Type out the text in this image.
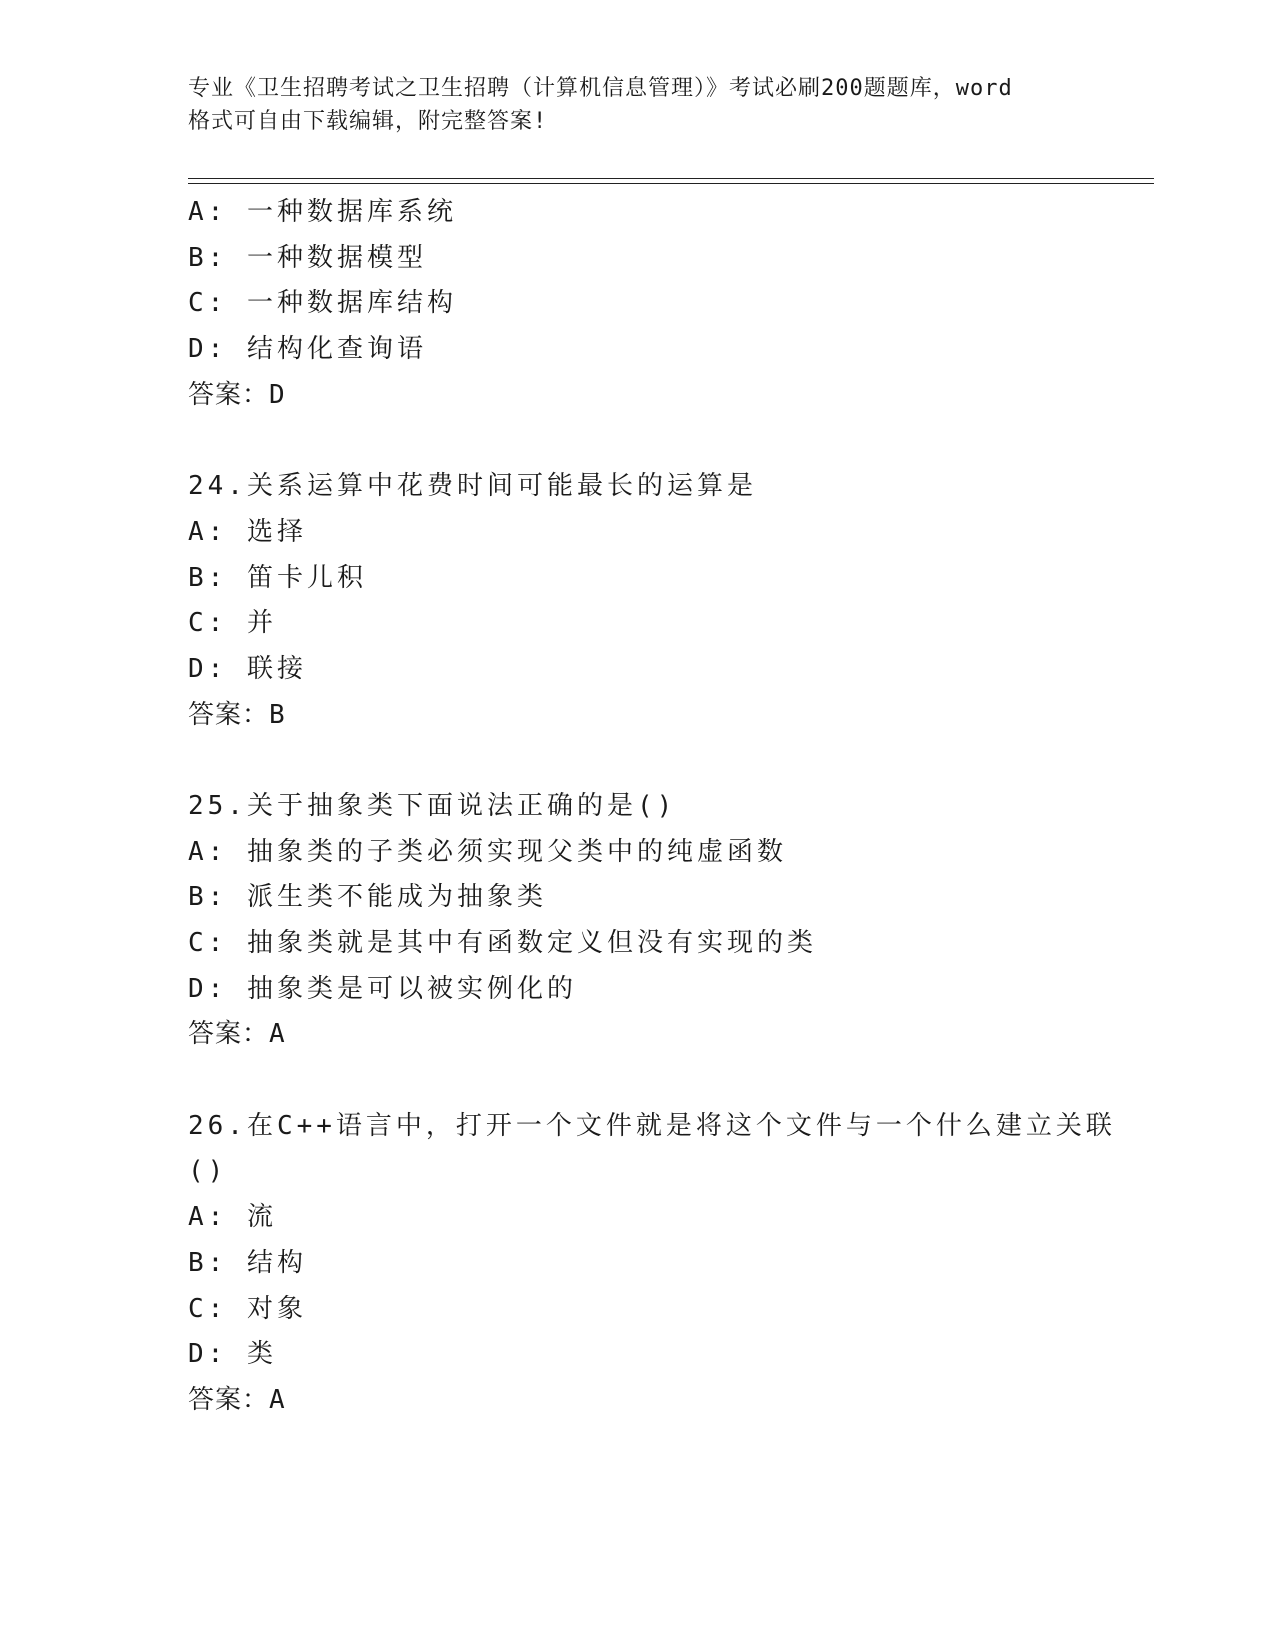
专业《卫生招聘考试之卫生招聘（计算机信息管理）》考试必刷200题题库，word
格式可自由下载编辑，附完整答案!
A: 一种数据库系统
B: 一种数据模型
C: 一种数据库结构
D: 结构化查询语
答案：D
24.关系运算中花费时间可能最长的运算是
A: 选择
B: 笛卡儿积
C: 并
D: 联接
答案：B
25.关于抽象类下面说法正确的是()
A: 抽象类的子类必须实现父类中的纯虚函数
B: 派生类不能成为抽象类
C: 抽象类就是其中有函数定义但没有实现的类
D: 抽象类是可以被实例化的
答案：A
26.在C++语言中，打开一个文件就是将这个文件与一个什么建立关联
()
A: 流
B: 结构
C: 对象
D: 类
答案：A
